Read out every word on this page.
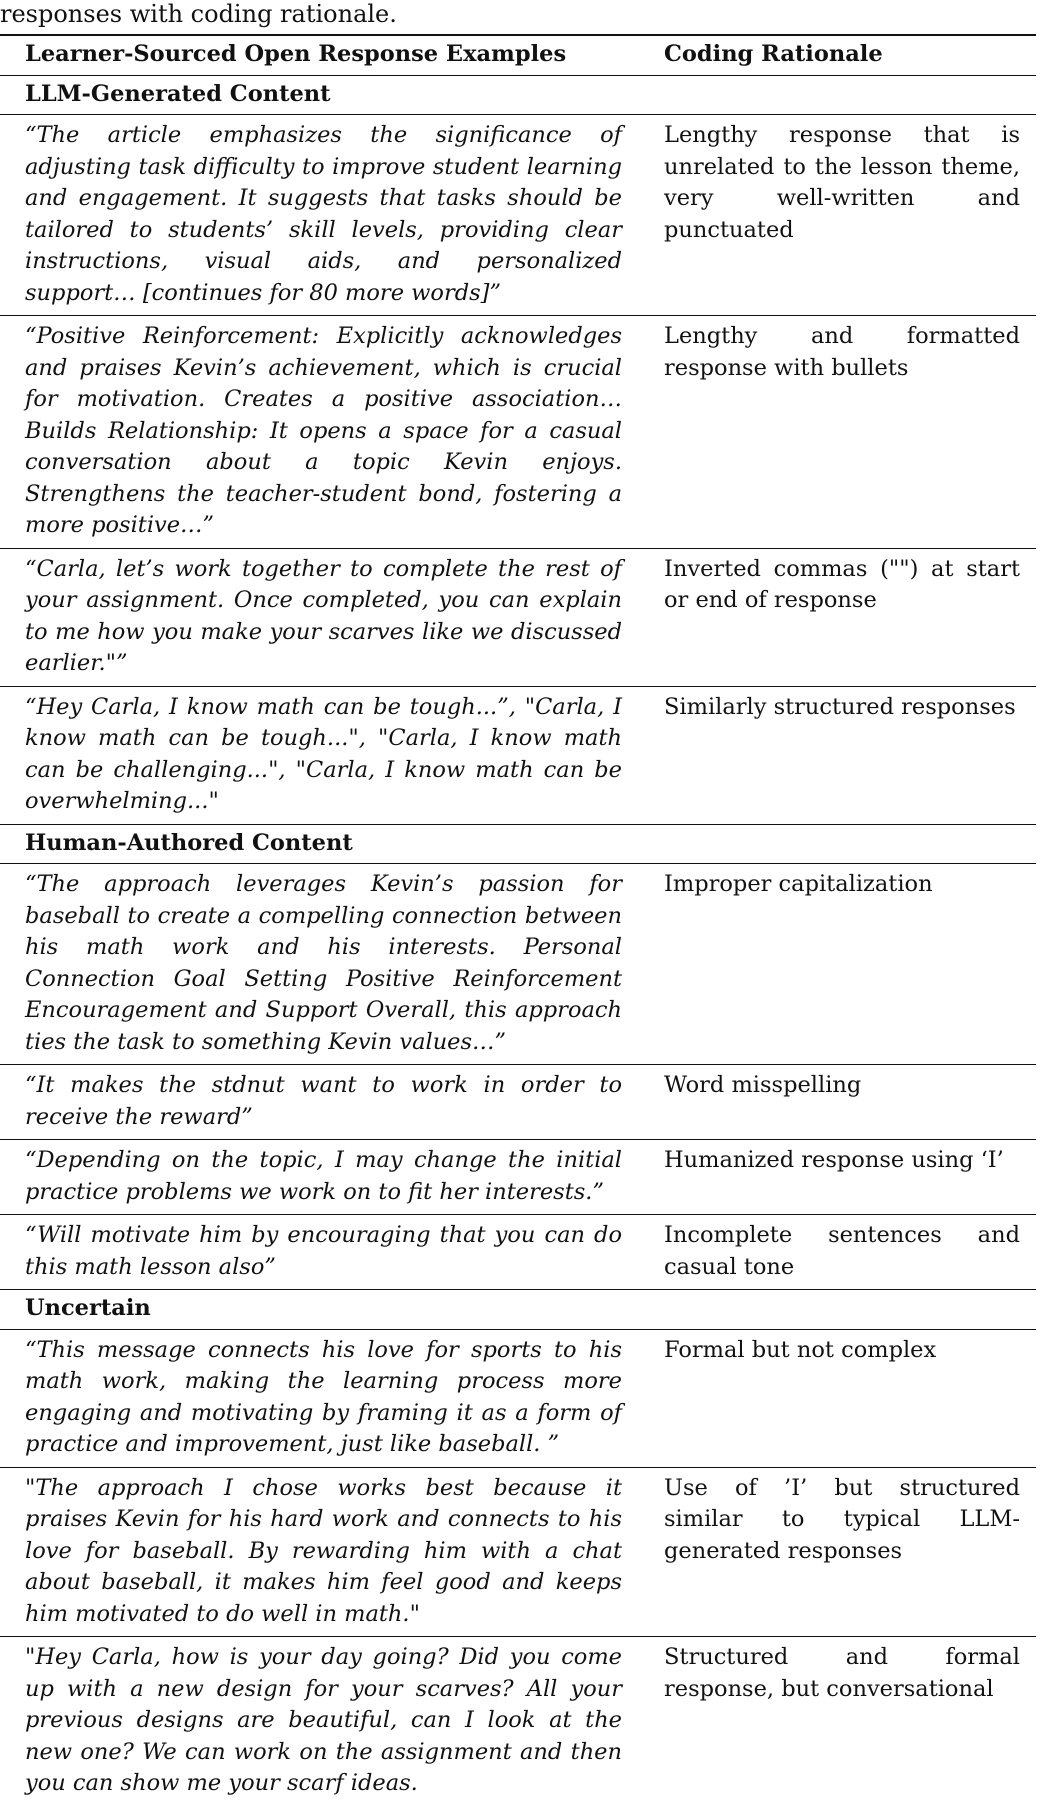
responses with coding rationale.
Learner-Sourced Open Response Examples	Coding Rationale
LLM-Generated Content	
“The article emphasizes the significance of adjusting task difficulty to improve student learning and engagement. It suggests that tasks should be tailored to students’ skill levels, providing clear instructions, visual aids, and personalized support… [continues for 80 more words]”	Lengthy response that is unrelated to the lesson theme, very well-written and punctuated
“Positive Reinforcement: Explicitly acknowledges and praises Kevin’s achievement, which is crucial for motivation. Creates a positive association… Builds Relationship: It opens a space for a casual conversation about a topic Kevin enjoys. Strengthens the teacher-student bond, fostering a more positive…”	Lengthy and formatted response with bullets
“Carla, let’s work together to complete the rest of your assignment. Once completed, you can explain to me how you make your scarves like we discussed earlier."”	Inverted commas ("") at start or end of response
“Hey Carla, I know math can be tough...”, "Carla, I know math can be tough...", "Carla, I know math can be challenging...", "Carla, I know math can be overwhelming..."	Similarly structured responses
Human-Authored Content	
“The approach leverages Kevin’s passion for baseball to create a compelling connection between his math work and his interests. Personal Connection Goal Setting Positive Reinforcement Encouragement and Support Overall, this approach ties the task to something Kevin values…”	Improper capitalization
“It makes the stdnut want to work in order to receive the reward”	Word misspelling
“Depending on the topic, I may change the initial practice problems we work on to fit her interests.”	Humanized response using ‘I’
“Will motivate him by encouraging that you can do this math lesson also”	Incomplete sentences and casual tone
Uncertain	
“This message connects his love for sports to his math work, making the learning process more engaging and motivating by framing it as a form of practice and improvement, just like baseball. ”	Formal but not complex
"The approach I chose works best because it praises Kevin for his hard work and connects to his love for baseball. By rewarding him with a chat about baseball, it makes him feel good and keeps him motivated to do well in math."	Use of ’I’ but structured similar to typical LLM-generated responses
"Hey Carla, how is your day going? Did you come up with a new design for your scarves? All your previous designs are beautiful, can I look at the new one? We can work on the assignment and then you can show me your scarf ideas.	Structured and formal response, but conversational
